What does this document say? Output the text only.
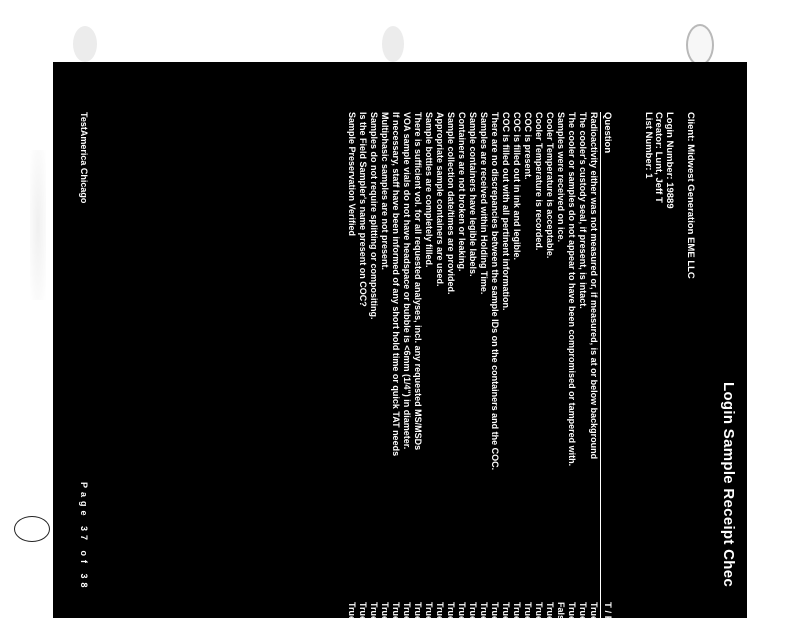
Login Sample Receipt Chec
Client: Midwest Generation EME LLC
Login Number: 19889
Creator: Lunt, Jeff T
List Number: 1
Question
T / F/ NA
Radioactivity either was not measured or, if measured, is at or below background
True
The cooler's custody seal, if present, is intact.
True
The cooler or samples do not appear to have been compromised or tampered with.
True
Samples were received on ice.
False
Cooler Temperature is acceptable.
True
Cooler Temperature is recorded.
True
COC is present.
True
COC is filled out in ink and legible.
True
COC is filled out with all pertinent information.
True
There are no discrepancies between the sample IDs on the containers and the COC.
True
Samples are received within Holding Time.
True
Sample containers have legible labels.
True
Containers are not broken or leaking.
True
Sample collection date/times are provided.
True
Appropriate sample containers are used.
True
Sample bottles are completely filled.
True
There is sufficient vol. for all requested analyses, incl. any requested MS/MSDs
True
VOA sample vials do not have headspace or bubble is <6mm (1/4") in diameter.
True
If necessary, staff have been informed of any short hold time or quick TAT needs
True
Multiphasic samples are not present.
True
Samples do not require splitting or compositing.
True
Is the Field Sampler's name present on COC?
True
Sample Preservation Verified
True
TestAmerica Chicago
Page 37 of 38
